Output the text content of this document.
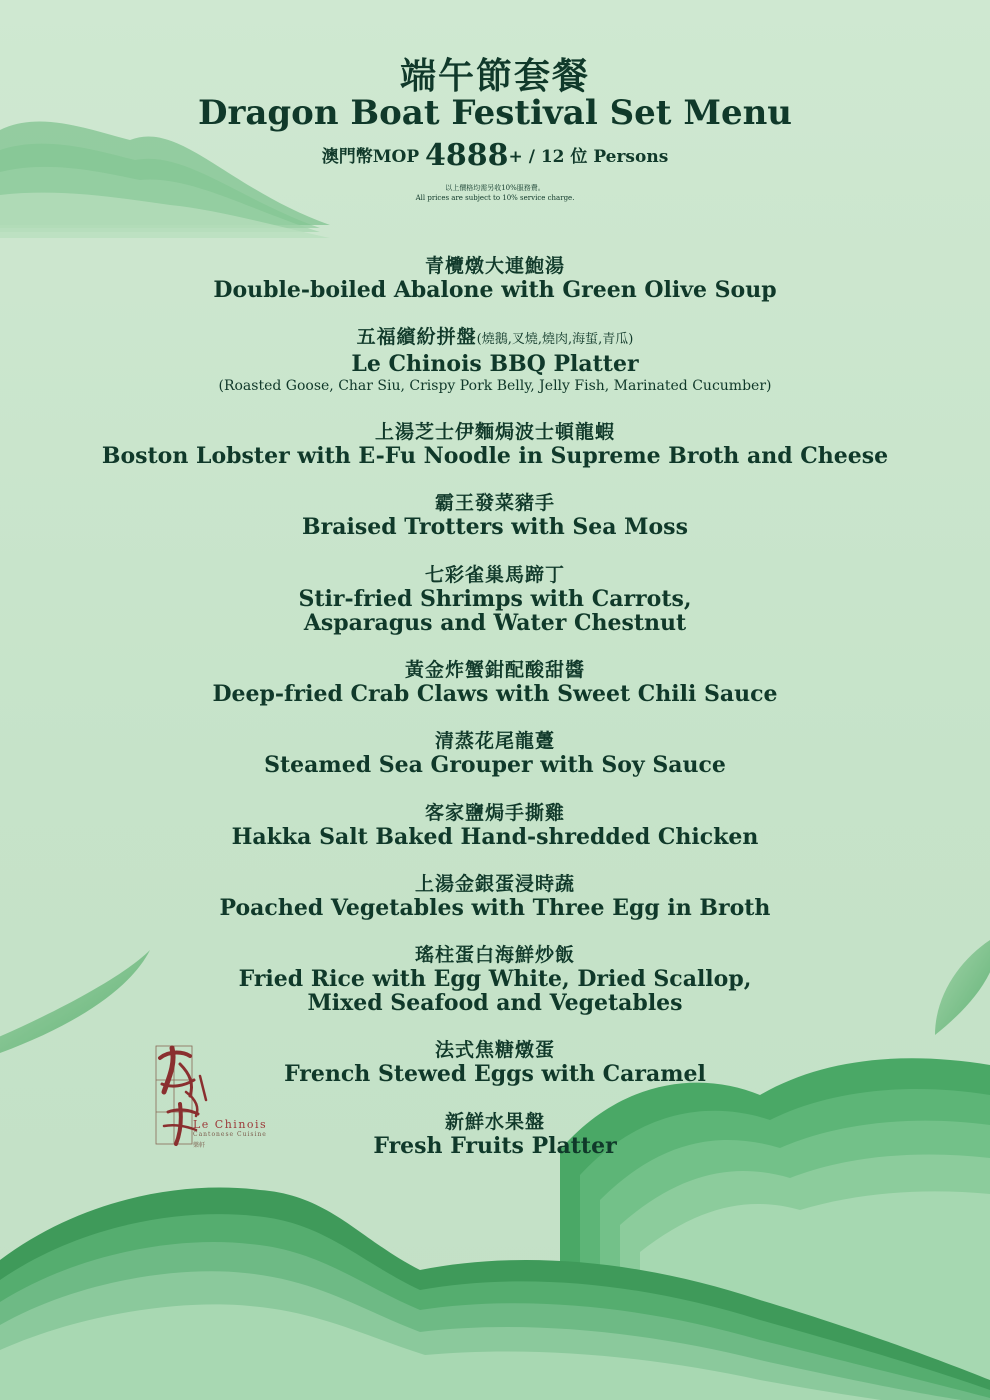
端午節套餐
Dragon Boat Festival Set Menu
澳門幣MOP 4888+ / 12 位 Persons
以上價格均需另收10%服務費。
All prices are subject to 10% service charge.
青欖燉大連鮑湯
Double-boiled Abalone with Green Olive Soup
五福繽紛拼盤(燒鵝,叉燒,燒肉,海蜇,青瓜)
Le Chinois BBQ Platter
(Roasted Goose, Char Siu, Crispy Pork Belly, Jelly Fish, Marinated Cucumber)
上湯芝士伊麵焗波士頓龍蝦
Boston Lobster with E-Fu Noodle in Supreme Broth and Cheese
霸王發菜豬手
Braised Trotters with Sea Moss
七彩雀巢馬蹄丁
Stir-fried Shrimps with Carrots,
Asparagus and Water Chestnut
黃金炸蟹鉗配酸甜醬
Deep-fried Crab Claws with Sweet Chili Sauce
清蒸花尾龍躉
Steamed Sea Grouper with Soy Sauce
客家鹽焗手撕雞
Hakka Salt Baked Hand-shredded Chicken
上湯金銀蛋浸時蔬
Poached Vegetables with Three Egg in Broth
瑤柱蛋白海鮮炒飯
Fried Rice with Egg White, Dried Scallop,
Mixed Seafood and Vegetables
法式焦糖燉蛋
French Stewed Eggs with Caramel
新鮮水果盤
Fresh Fruits Platter
Le Chinois
Cantonese Cuisine
樂軒
